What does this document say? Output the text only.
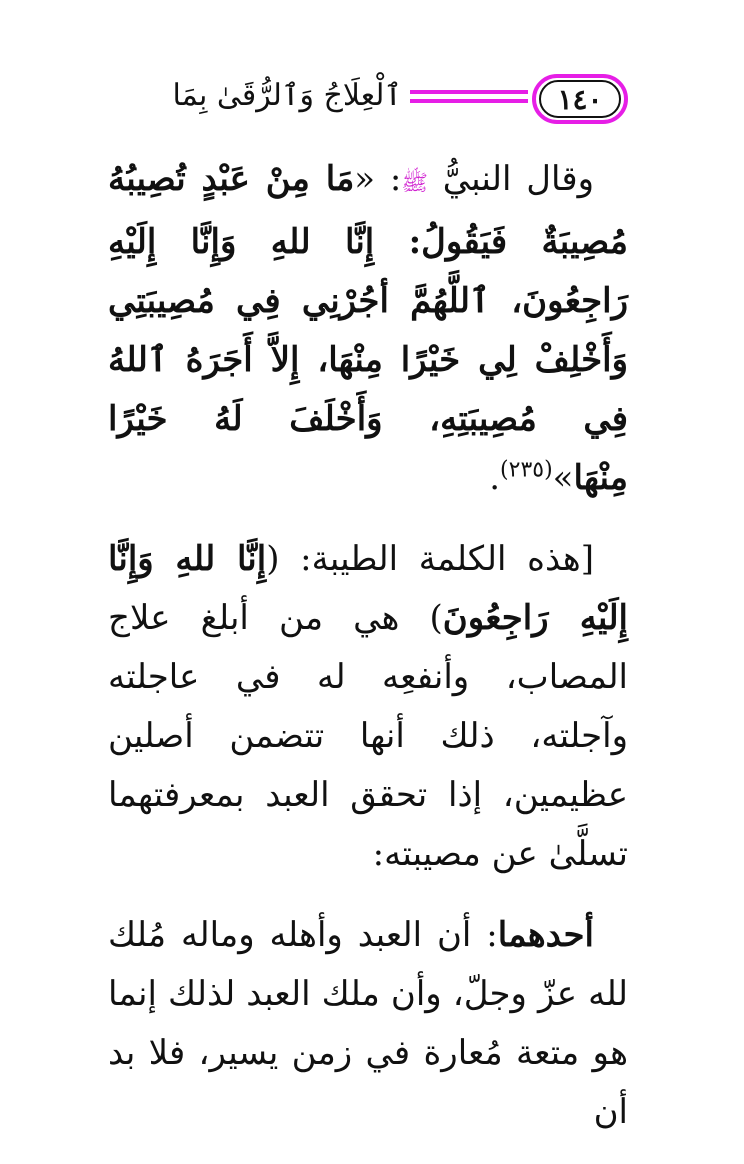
١٤٠
ٱلْعِلَاجُ وَٱلرُّقَىٰ بِمَا

وقال النبيُّ ﷺ: «مَا مِنْ عَبْدٍ تُصِيبُهُ مُصِيبَةٌ فَيَقُولُ: إِنَّا للهِ وَإِنَّا إِلَيْهِ رَاجِعُونَ، ٱللَّهُمَّ أجُرْنِي فِي مُصِيبَتِي وَأَخْلِفْ لِي خَيْرًا مِنْهَا، إِلاَّ أَجَرَهُ ٱللهُ فِي مُصِيبَتِهِ، وَأَخْلَفَ لَهُ خَيْرًا مِنْهَا»$^{(٢٣٥)}$.

[هذه الكلمة الطيبة: (إِنَّا للهِ وَإِنَّا إِلَيْهِ رَاجِعُونَ) هي من أبلغ علاج المصاب، وأنفعِه له في عاجلته وآجلته، ذلك أنها تتضمن أصلين عظيمين، إذا تحقق العبد بمعرفتهما تسلَّىٰ عن مصيبته:

أحدهما: أن العبد وأهله وماله مُلك لله عزّ وجلّ، وأن ملك العبد لذلك إنما هو متعة مُعارة في زمن يسير، فلا بد أن
